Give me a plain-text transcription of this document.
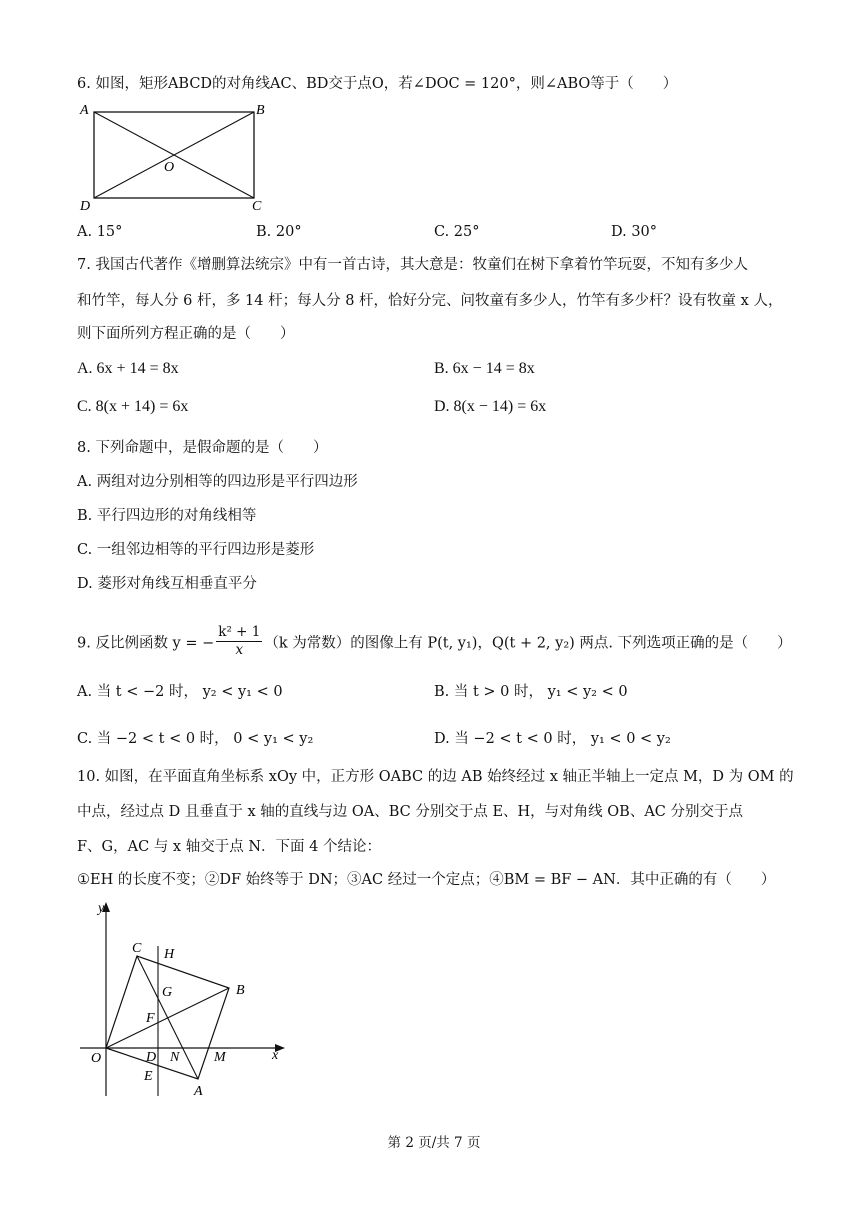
6. 如图，矩形ABCD的对角线AC、BD交于点O，若∠DOC = 120°，则∠ABO等于（　　）
A	B
C
D
O
A. 15°	B. 20°	C. 25°	D. 30°
7. 我国古代著作《增删算法统宗》中有一首古诗，其大意是：牧童们在树下拿着竹竿玩耍，不知有多少人
和竹竿，每人分 6 杆，多 14 杆；每人分 8 杆，恰好分完、问牧童有多少人，竹竿有多少杆？设有牧童 x 人，
则下面所列方程正确的是（　　）
A. 6x + 14 = 8x	B. 6x − 14 = 8x
C. 8(x + 14) = 6x	D. 8(x − 14) = 6x
8. 下列命题中，是假命题的是（　　）
A. 两组对边分别相等的四边形是平行四边形
B. 平行四边形的对角线相等
C. 一组邻边相等的平行四边形是菱形
D. 菱形对角线互相垂直平分
9. 反比例函数 y = − $\frac{\text{k² + 1}}{x} (k$ 为常数）的图像上有 P(t, y₁)，Q(t + 2, y₂) 两点. 下列选项正确的是（　　）
A. 当 t < −2 时， y₂ < y₁ < 0	B. 当 t > 0 时， y₁ < y₂ < 0
C. 当 −2 < t < 0 时， 0 < y₁ < y₂	D. 当 −2 < t < 0 时， y₁ < 0 < y₂
10. 如图，在平面直角坐标系 xOy 中，正方形 OABC 的边 AB 始终经过 x 轴正半轴上一定点 M，D 为 OM 的
中点，经过点 D 且垂直于 x 轴的直线与边 OA、BC 分别交于点 E、H，与对角线 OB、AC 分别交于点
F、G，AC 与 x 轴交于点 N．下面 4 个结论：
①EH 的长度不变；②DF 始终等于 DN；③AC 经过一个定点；④BM = BF − AN．其中正确的有（　　）
y
x
O
C H
G	B
F
D N M
E
A
第 2 页/共 7 页
